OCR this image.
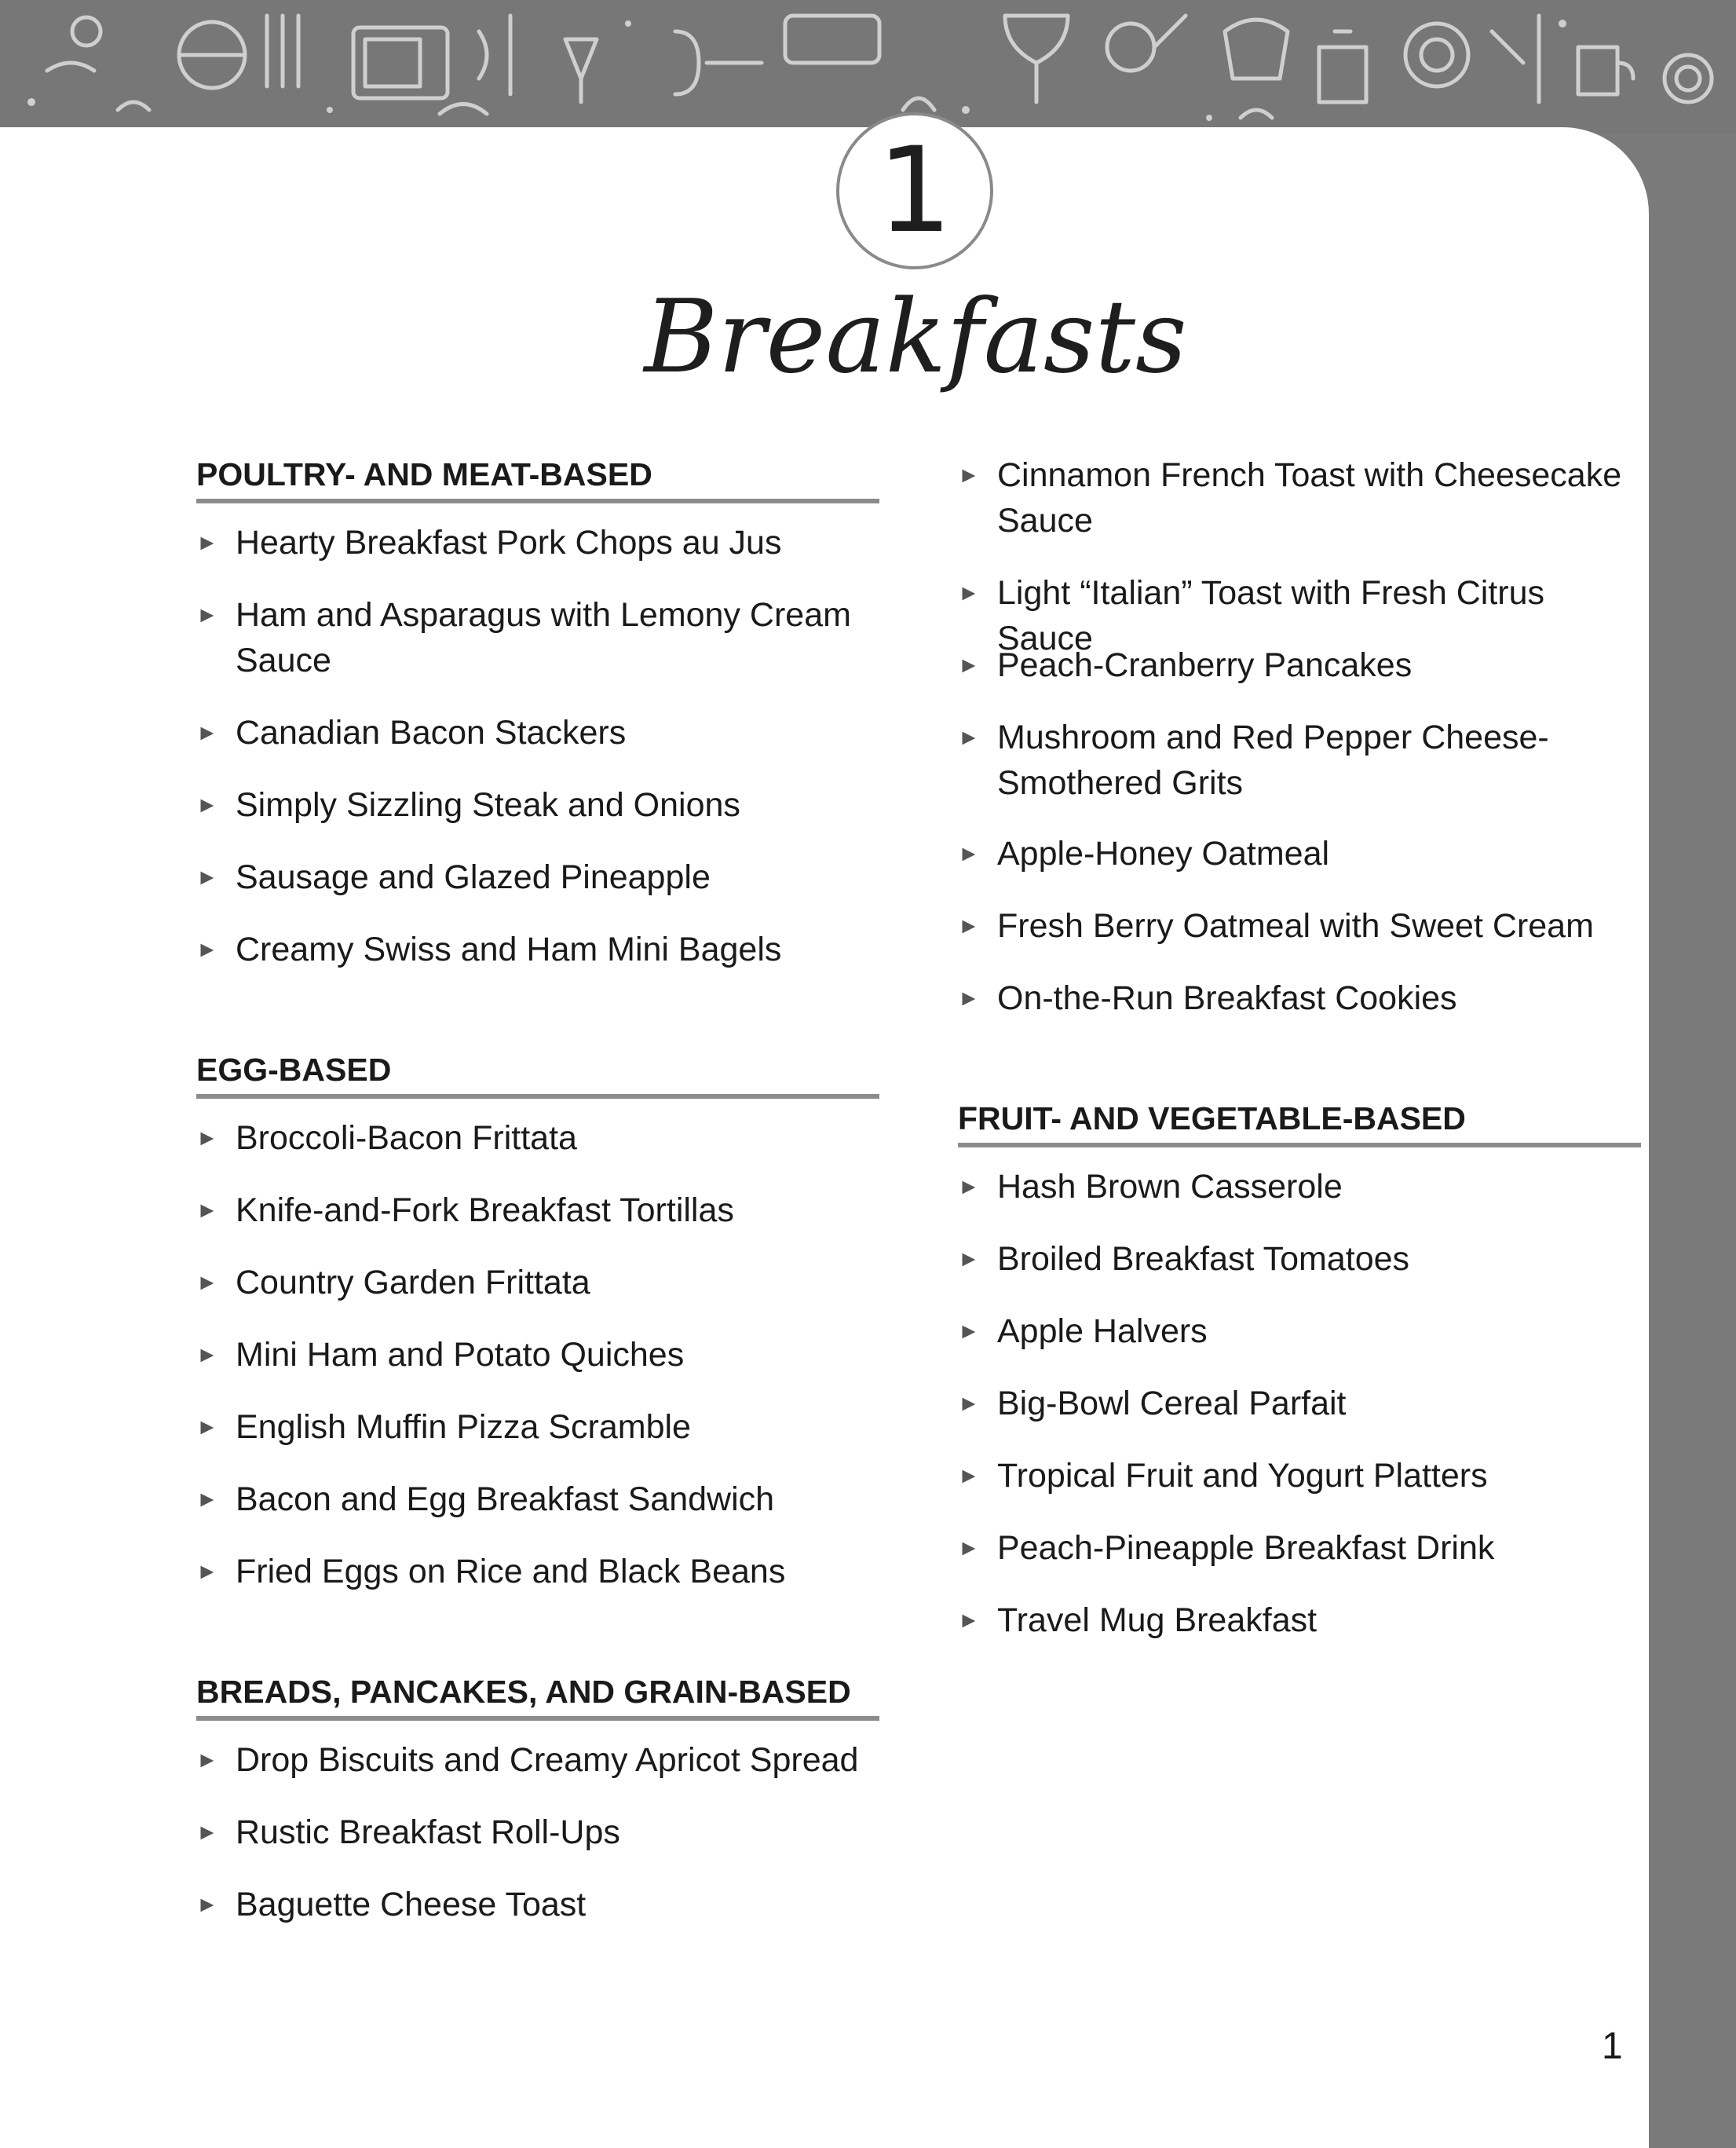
1
Breakfasts
POULTRY- AND MEAT-BASED
► Hearty Breakfast Pork Chops au Jus
► Ham and Asparagus with Lemony Cream Sauce
► Canadian Bacon Stackers
► Simply Sizzling Steak and Onions
► Sausage and Glazed Pineapple
► Creamy Swiss and Ham Mini Bagels
EGG-BASED
► Broccoli-Bacon Frittata
► Knife-and-Fork Breakfast Tortillas
► Country Garden Frittata
► Mini Ham and Potato Quiches
► English Muffin Pizza Scramble
► Bacon and Egg Breakfast Sandwich
► Fried Eggs on Rice and Black Beans
BREADS, PANCAKES, AND GRAIN-BASED
► Drop Biscuits and Creamy Apricot Spread
► Rustic Breakfast Roll-Ups
► Baguette Cheese Toast
► Cinnamon French Toast with Cheesecake Sauce
► Light “Italian” Toast with Fresh Citrus Sauce
► Peach-Cranberry Pancakes
► Mushroom and Red Pepper Cheese-Smothered Grits
► Apple-Honey Oatmeal
► Fresh Berry Oatmeal with Sweet Cream
► On-the-Run Breakfast Cookies
FRUIT- AND VEGETABLE-BASED
► Hash Brown Casserole
► Broiled Breakfast Tomatoes
► Apple Halvers
► Big-Bowl Cereal Parfait
► Tropical Fruit and Yogurt Platters
► Peach-Pineapple Breakfast Drink
► Travel Mug Breakfast
1
